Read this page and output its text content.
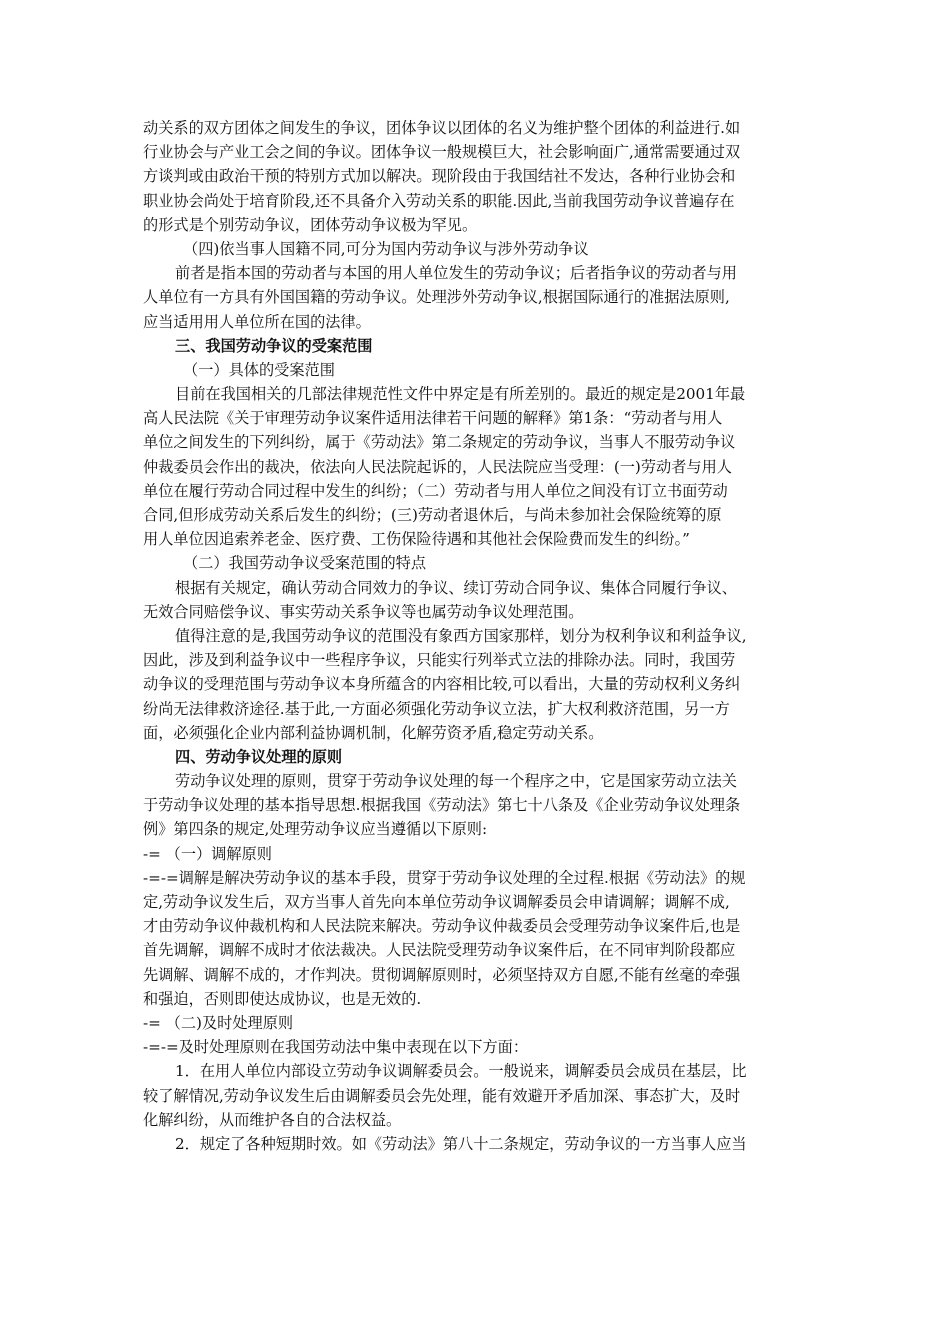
动关系的双方团体之间发生的争议，团体争议以团体的名义为维护整个团体的利益进行.如
行业协会与产业工会之间的争议。团体争议一般规模巨大，社会影响面广,通常需要通过双
方谈判或由政治干预的特别方式加以解决。现阶段由于我国结社不发达，各种行业协会和
职业协会尚处于培育阶段,还不具备介入劳动关系的职能.因此,当前我国劳动争议普遍存在
的形式是个别劳动争议，团体劳动争议极为罕见。
（四)依当事人国籍不同,可分为国内劳动争议与涉外劳动争议
前者是指本国的劳动者与本国的用人单位发生的劳动争议；后者指争议的劳动者与用
人单位有一方具有外国国籍的劳动争议。处理涉外劳动争议,根据国际通行的准据法原则,
应当适用用人单位所在国的法律。
三、我国劳动争议的受案范围
（一）具体的受案范围
目前在我国相关的几部法律规范性文件中界定是有所差别的。最近的规定是2001年最
高人民法院《关于审理劳动争议案件适用法律若干问题的解释》第1条：“劳动者与用人
单位之间发生的下列纠纷，属于《劳动法》第二条规定的劳动争议，当事人不服劳动争议
仲裁委员会作出的裁决，依法向人民法院起诉的，人民法院应当受理：(一)劳动者与用人
单位在履行劳动合同过程中发生的纠纷；（二）劳动者与用人单位之间没有订立书面劳动
合同,但形成劳动关系后发生的纠纷；(三)劳动者退休后，与尚未参加社会保险统筹的原
用人单位因追索养老金、医疗费、工伤保险待遇和其他社会保险费而发生的纠纷。”
（二）我国劳动争议受案范围的特点
根据有关规定，确认劳动合同效力的争议、续订劳动合同争议、集体合同履行争议、
无效合同赔偿争议、事实劳动关系争议等也属劳动争议处理范围。
值得注意的是,我国劳动争议的范围没有象西方国家那样，划分为权利争议和利益争议,
因此，涉及到利益争议中一些程序争议，只能实行列举式立法的排除办法。同时，我国劳
动争议的受理范围与劳动争议本身所蕴含的内容相比较,可以看出，大量的劳动权利义务纠
纷尚无法律救济途径.基于此,一方面必须强化劳动争议立法，扩大权利救济范围，另一方
面，必须强化企业内部利益协调机制，化解劳资矛盾,稳定劳动关系。
四、劳动争议处理的原则
劳动争议处理的原则，贯穿于劳动争议处理的每一个程序之中，它是国家劳动立法关
于劳动争议处理的基本指导思想.根据我国《劳动法》第七十八条及《企业劳动争议处理条
例》第四条的规定,处理劳动争议应当遵循以下原则:
-= （一）调解原则
-=-=调解是解决劳动争议的基本手段，贯穿于劳动争议处理的全过程.根据《劳动法》的规
定,劳动争议发生后，双方当事人首先向本单位劳动争议调解委员会申请调解；调解不成,
才由劳动争议仲裁机构和人民法院来解决。劳动争议仲裁委员会受理劳动争议案件后,也是
首先调解，调解不成时才依法裁决。人民法院受理劳动争议案件后，在不同审判阶段都应
先调解、调解不成的，才作判决。贯彻调解原则时，必须坚持双方自愿,不能有丝毫的牵强
和强迫，否则即使达成协议，也是无效的.
-= （二)及时处理原则
-=-=及时处理原则在我国劳动法中集中表现在以下方面：
1．在用人单位内部设立劳动争议调解委员会。一般说来，调解委员会成员在基层，比
较了解情况,劳动争议发生后由调解委员会先处理，能有效避开矛盾加深、事态扩大，及时
化解纠纷，从而维护各自的合法权益。
2．规定了各种短期时效。如《劳动法》第八十二条规定，劳动争议的一方当事人应当
